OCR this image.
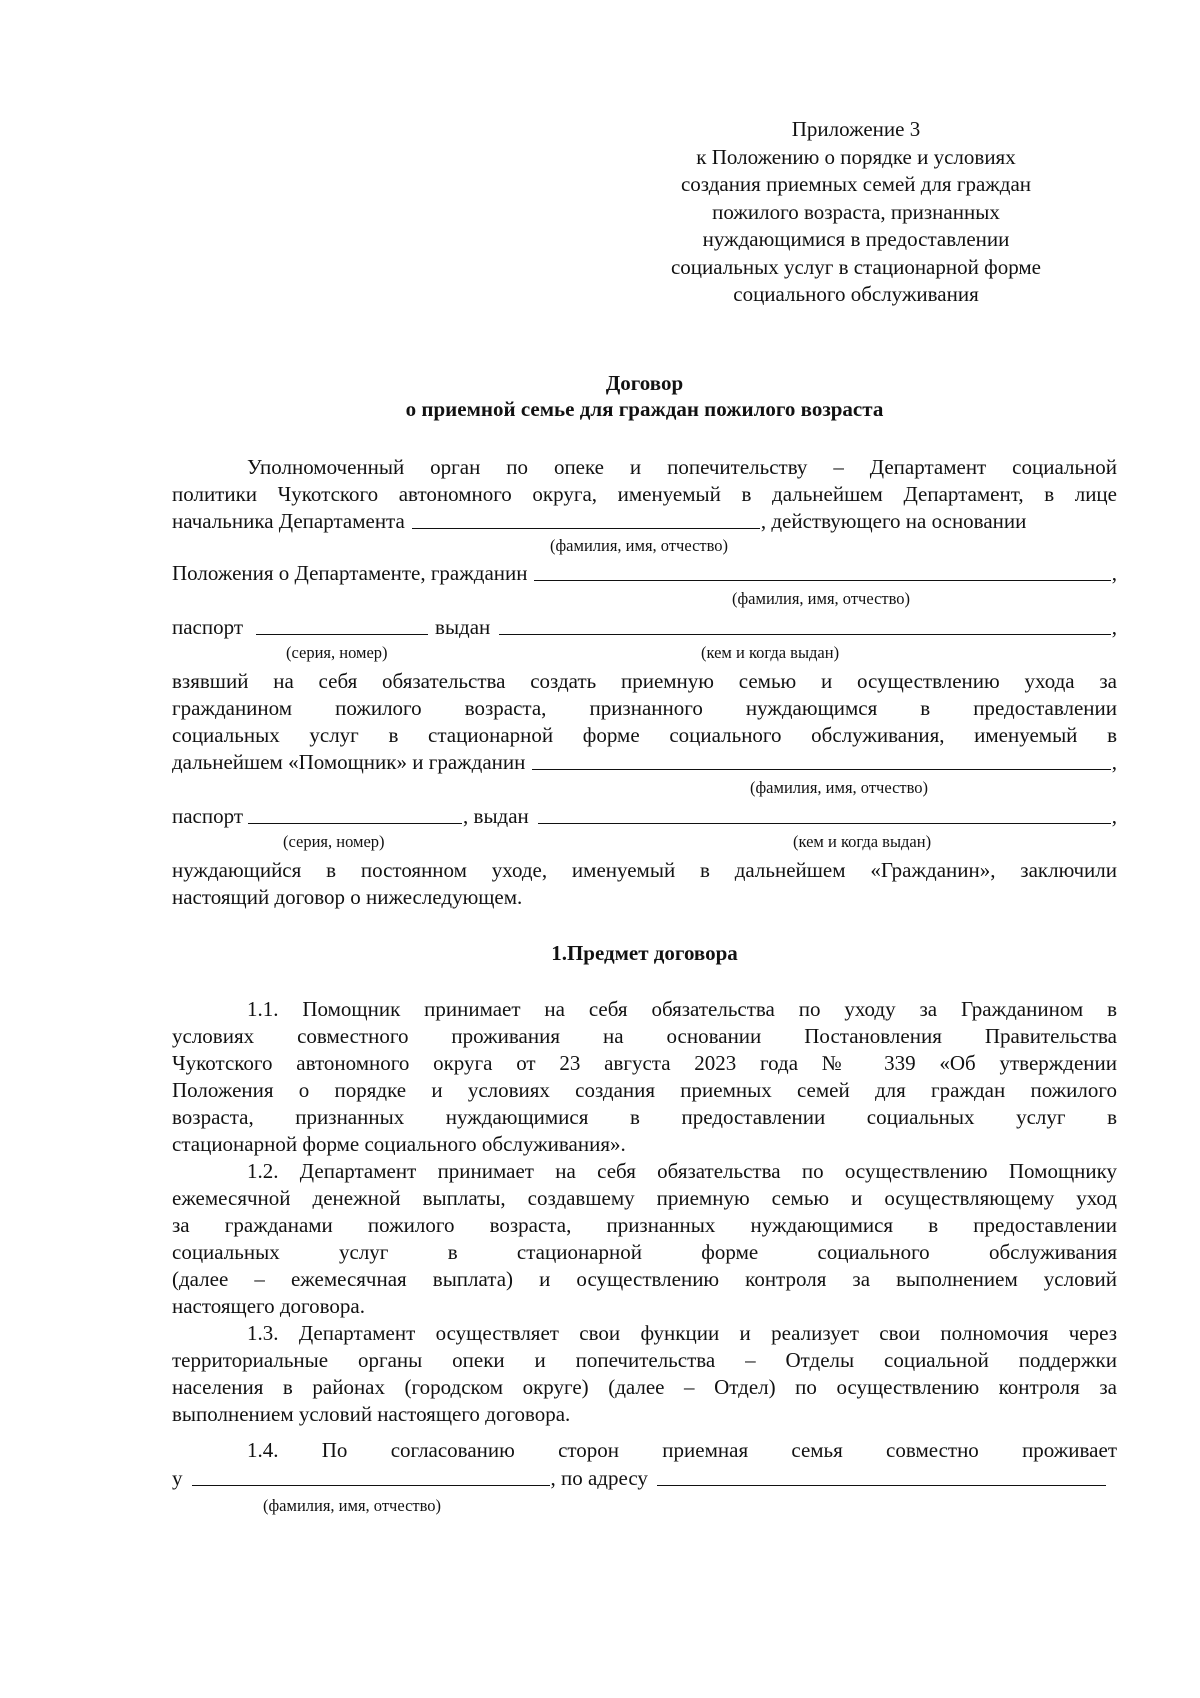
Приложение 3
к Положению о порядке и условиях
создания приемных семей для граждан
пожилого возраста, признанных
нуждающимися в предоставлении
социальных услуг в стационарной форме
социального обслуживания
Договор
о приемной семье для граждан пожилого возраста
Уполномоченный орган по опеке и попечительству – Департамент социальной
политики Чукотского автономного округа, именуемый в дальнейшем Департамент, в лице
начальника Департамента	, действующего на основании
(фамилия, имя, отчество)
Положения о Департаменте, гражданин	,
(фамилия, имя, отчество)
паспорт	выдан	,
(серия, номер)	(кем и когда выдан)
взявший на себя обязательства создать приемную семью и осуществлению ухода за
гражданином пожилого возраста, признанного нуждающимся в предоставлении
социальных услуг в стационарной форме социального обслуживания, именуемый в
дальнейшем «Помощник» и гражданин	,
(фамилия, имя, отчество)
паспорт	, выдан	,
(серия, номер)	(кем и когда выдан)
нуждающийся в постоянном уходе, именуемый в дальнейшем «Гражданин», заключили
настоящий договор о нижеследующем.
1.Предмет договора
1.1. Помощник принимает на себя обязательства по уходу за Гражданином в
условиях совместного проживания на основании Постановления Правительства
Чукотского автономного округа от 23 августа 2023 года № 339 «Об утверждении
Положения о порядке и условиях создания приемных семей для граждан пожилого
возраста, признанных нуждающимися в предоставлении социальных услуг в
стационарной форме социального обслуживания».
1.2. Департамент принимает на себя обязательства по осуществлению Помощнику
ежемесячной денежной выплаты, создавшему приемную семью и осуществляющему уход
за гражданами пожилого возраста, признанных нуждающимися в предоставлении
социальных услуг в стационарной форме социального обслуживания
(далее – ежемесячная выплата) и осуществлению контроля за выполнением условий
настоящего договора.
1.3. Департамент осуществляет свои функции и реализует свои полномочия через
территориальные органы опеки и попечительства – Отделы социальной поддержки
населения в районах (городском округе) (далее – Отдел) по осуществлению контроля за
выполнением условий настоящего договора.
1.4. По согласованию сторон приемная семья совместно проживает
у	, по адресу
(фамилия, имя, отчество)
